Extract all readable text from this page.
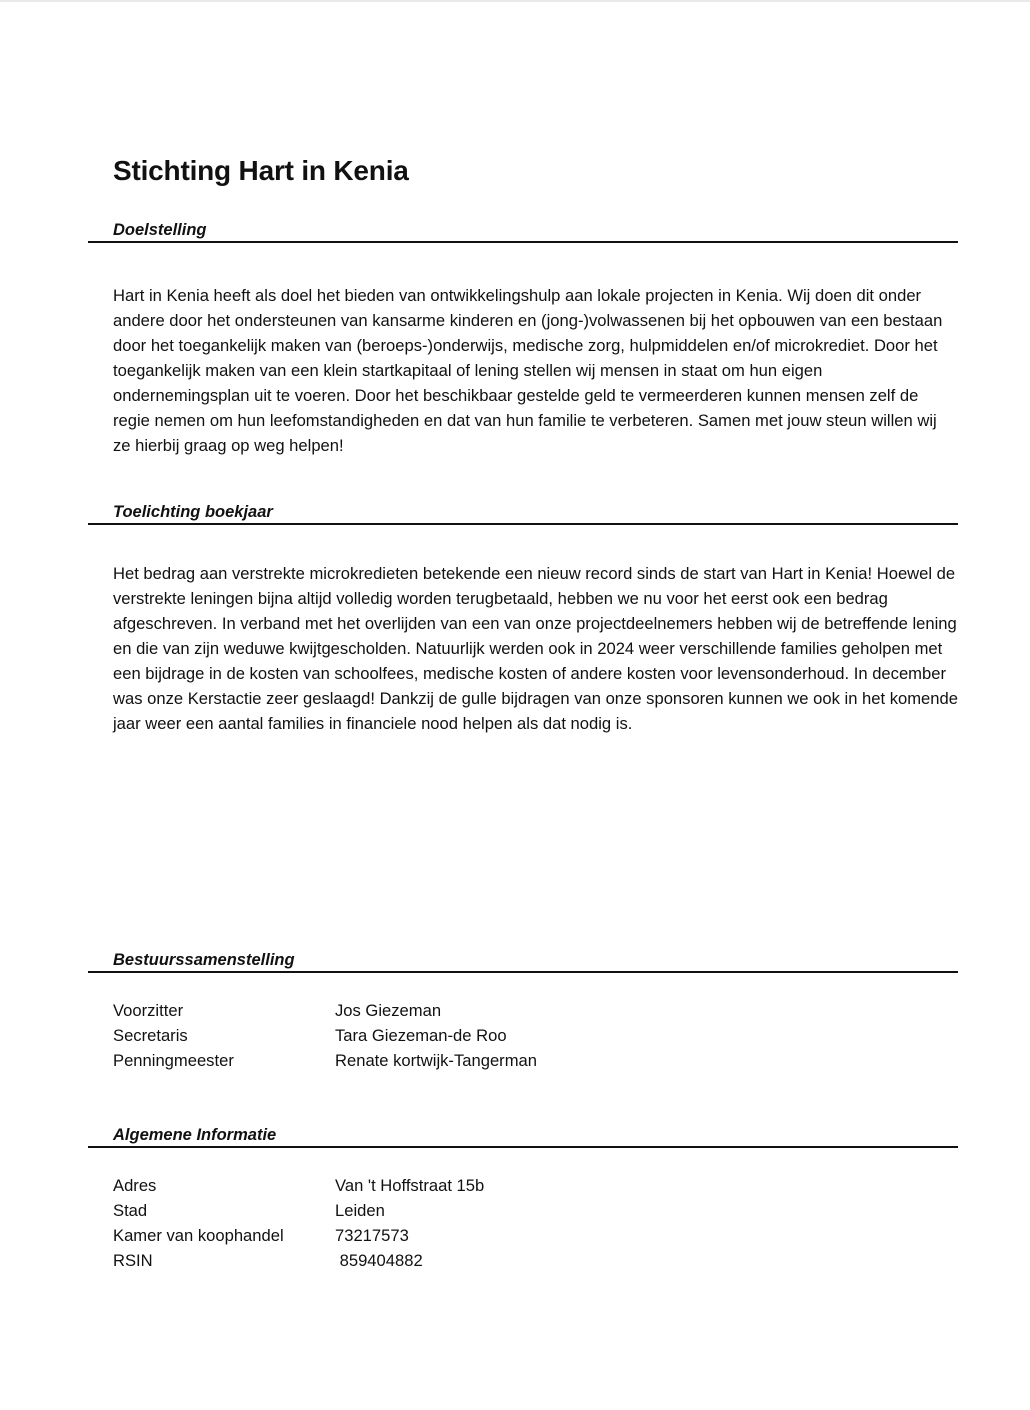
Stichting Hart in Kenia
Doelstelling

Hart in Kenia heeft als doel het bieden van ontwikkelingshulp aan lokale projecten in Kenia. Wij doen dit onder andere door het ondersteunen van kansarme kinderen en (jong-)volwassenen bij het opbouwen van een bestaan door het toegankelijk maken van (beroeps-)onderwijs, medische zorg, hulpmiddelen en/of microkrediet. Door het toegankelijk maken van een klein startkapitaal of lening stellen wij mensen in staat om hun eigen ondernemingsplan uit te voeren. Door het beschikbaar gestelde geld te vermeerderen kunnen mensen zelf de regie nemen om hun leefomstandigheden en dat van hun familie te verbeteren. Samen met jouw steun willen wij ze hierbij graag op weg helpen!

Toelichting boekjaar

Het bedrag aan verstrekte microkredieten betekende een nieuw record sinds de start van Hart in Kenia! Hoewel de verstrekte leningen bijna altijd volledig worden terugbetaald, hebben we nu voor het eerst ook een bedrag afgeschreven. In verband met het overlijden van een van onze projectdeelnemers hebben wij de betreffende lening en die van zijn weduwe kwijtgescholden. Natuurlijk werden ook in 2024 weer verschillende families geholpen met een bijdrage in de kosten van schoolfees, medische kosten of andere kosten voor levensonderhoud. In december was onze Kerstactie zeer geslaagd! Dankzij de gulle bijdragen van onze sponsoren kunnen we ook in het komende jaar weer een aantal families in financiele nood helpen als dat nodig is.

Bestuurssamenstelling
Voorzitter	Jos Giezeman
Secretaris	Tara Giezeman-de Roo
Penningmeester	Renate kortwijk-Tangerman
Algemene Informatie
Adres	Van 't Hoffstraat 15b
Stad	Leiden
Kamer van koophandel	73217573
RSIN	859404882
